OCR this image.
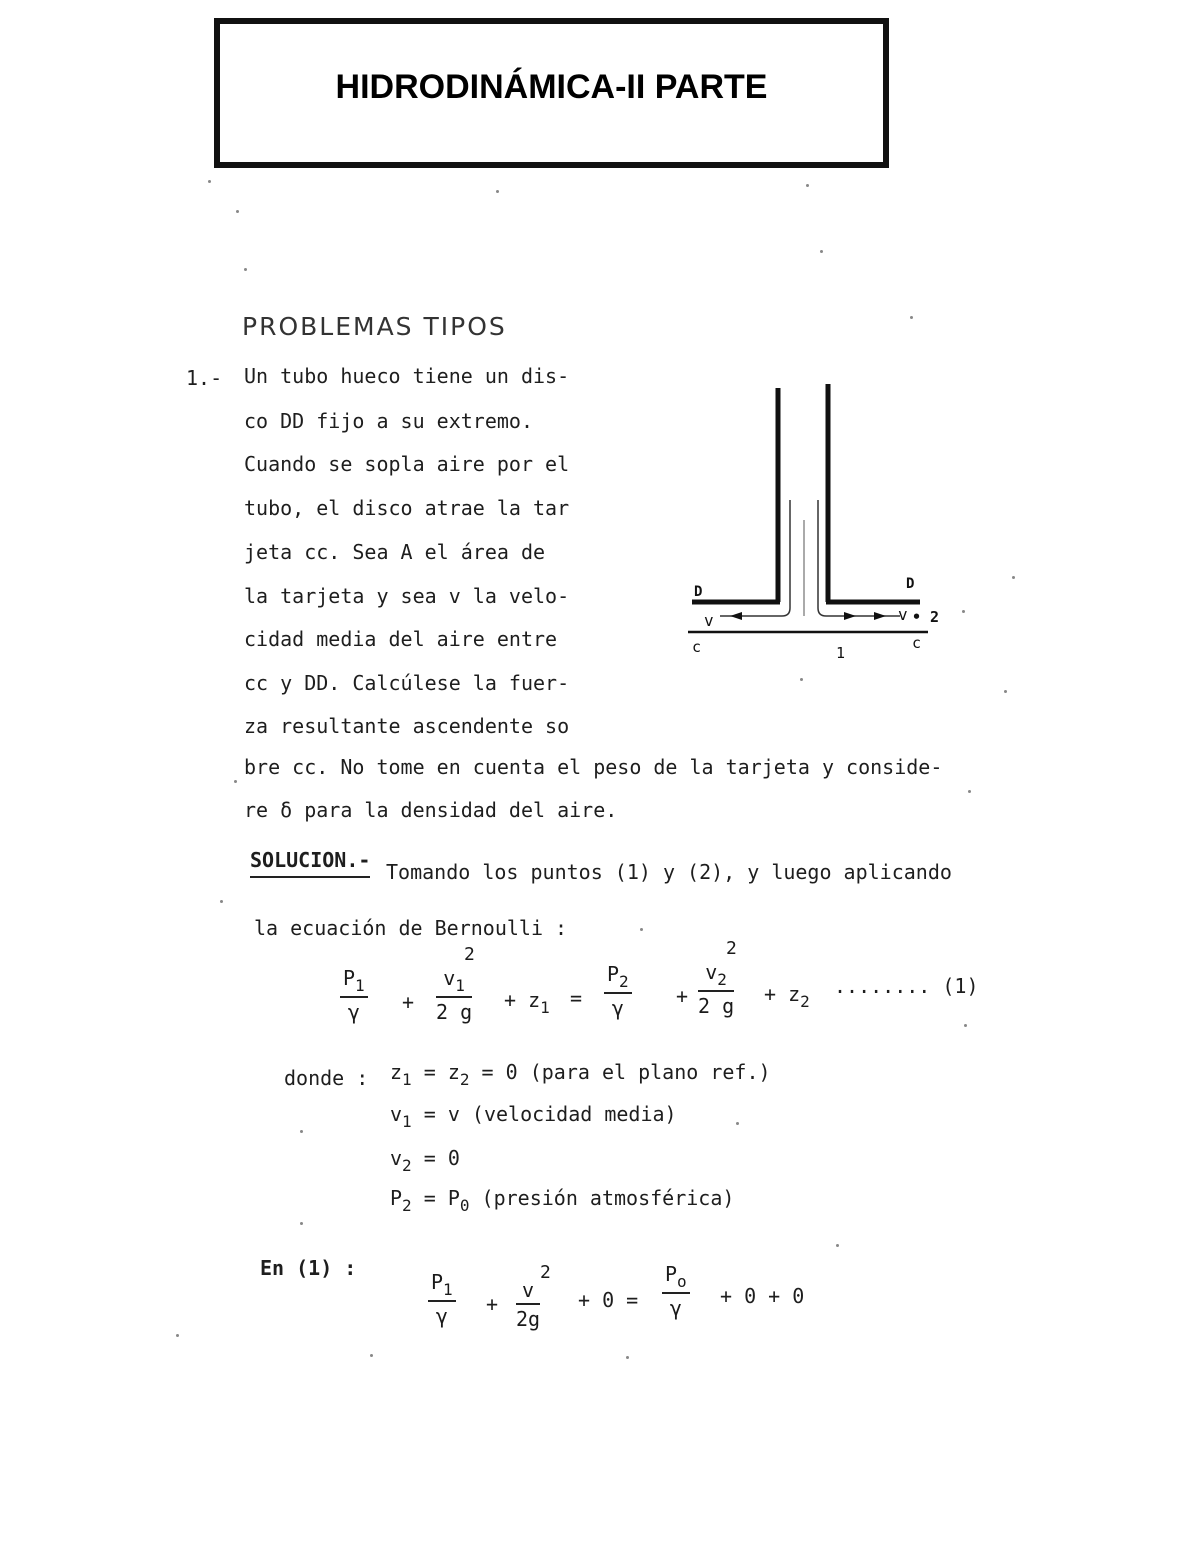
HIDRODINÁMICA-II PARTE
PROBLEMAS TIPOS
1.- Un tubo hueco tiene un dis-
co DD fijo a su extremo.
Cuando se sopla aire por el
tubo, el disco atrae la tar
jeta cc. Sea A el área de
la tarjeta y sea v la velo-
cidad media del aire entre
cc y DD. Calcúlese la fuer-
za resultante ascendente so
bre cc. No tome en cuenta el peso de la tarjeta y conside-
re δ para la densidad del aire.
D	D
v	v • 2
c	c
1
SOLUCION.- Tomando los puntos (1) y (2), y luego aplicando
la ecuación de Bernoulli :
$\frac{P_1}{\gamma}$ +
2
$\frac{v_1}{2 g} + z_1 = \frac{P_2}{\gamma}$ +
2
$\frac{v_2}{2 g} + z_2$
........ (1)
donde : $z_1 = z_2 = 0$ (para el plano ref.)
$v_1 = v$ (velocidad media)
$v_2 = 0$
$P_2 = P_0$ (presión atmosférica)
En (1) :
$\frac{P_1}{\gamma}$ +
2
$\frac{v}{2g} + 0 = \frac{P_o}{\gamma} + 0 + 0$
